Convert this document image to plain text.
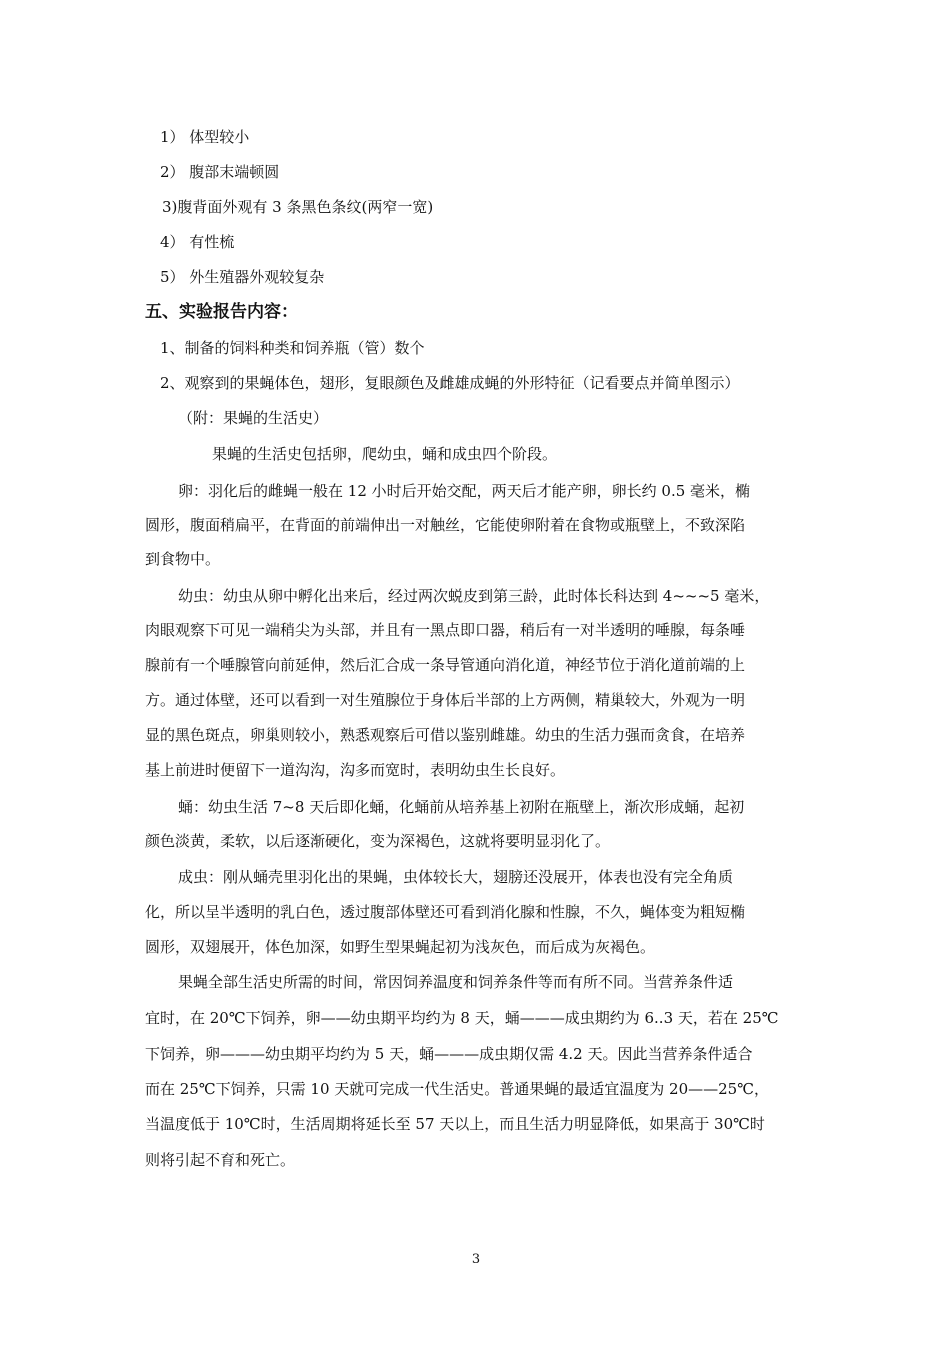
1） 体型较小
2） 腹部末端顿圆
3)腹背面外观有 3 条黑色条纹(两窄一宽)
4） 有性梳
5） 外生殖器外观较复杂
五、实验报告内容：
1、制备的饲料种类和饲养瓶（管）数个
2、观察到的果蝇体色，翅形，复眼颜色及雌雄成蝇的外形特征（记看要点并简单图示）
（附：果蝇的生活史）
果蝇的生活史包括卵，爬幼虫，蛹和成虫四个阶段。
卵：羽化后的雌蝇一般在 12 小时后开始交配，两天后才能产卵，卵长约 0.5 毫米，椭
圆形，腹面稍扁平，在背面的前端伸出一对触丝，它能使卵附着在食物或瓶壁上，不致深陷
到食物中。
幼虫：幼虫从卵中孵化出来后，经过两次蜕皮到第三龄，此时体长科达到 4~~~5 毫米，
肉眼观察下可见一端稍尖为头部，并且有一黑点即口器，稍后有一对半透明的唾腺，每条唾
腺前有一个唾腺管向前延伸，然后汇合成一条导管通向消化道，神经节位于消化道前端的上
方。通过体壁，还可以看到一对生殖腺位于身体后半部的上方两侧，精巢较大，外观为一明
显的黑色斑点，卵巢则较小，熟悉观察后可借以鉴别雌雄。幼虫的生活力强而贪食，在培养
基上前进时便留下一道沟沟，沟多而宽时，表明幼虫生长良好。
蛹：幼虫生活 7~8 天后即化蛹，化蛹前从培养基上初附在瓶壁上，渐次形成蛹，起初
颜色淡黄，柔软，以后逐渐硬化，变为深褐色，这就将要明显羽化了。
成虫：刚从蛹壳里羽化出的果蝇，虫体较长大，翅膀还没展开，体表也没有完全角质
化，所以呈半透明的乳白色，透过腹部体壁还可看到消化腺和性腺，不久，蝇体变为粗短椭
圆形，双翅展开，体色加深，如野生型果蝇起初为浅灰色，而后成为灰褐色。
果蝇全部生活史所需的时间，常因饲养温度和饲养条件等而有所不同。当营养条件适
宜时，在 20℃下饲养，卵——幼虫期平均约为 8 天，蛹———成虫期约为 6..3 天，若在 25℃
下饲养，卵———幼虫期平均约为 5 天，蛹———成虫期仅需 4.2 天。因此当营养条件适合
而在 25℃下饲养，只需 10 天就可完成一代生活史。普通果蝇的最适宜温度为 20——25℃，
当温度低于 10℃时，生活周期将延长至 57 天以上，而且生活力明显降低，如果高于 30℃时
则将引起不育和死亡。
3
